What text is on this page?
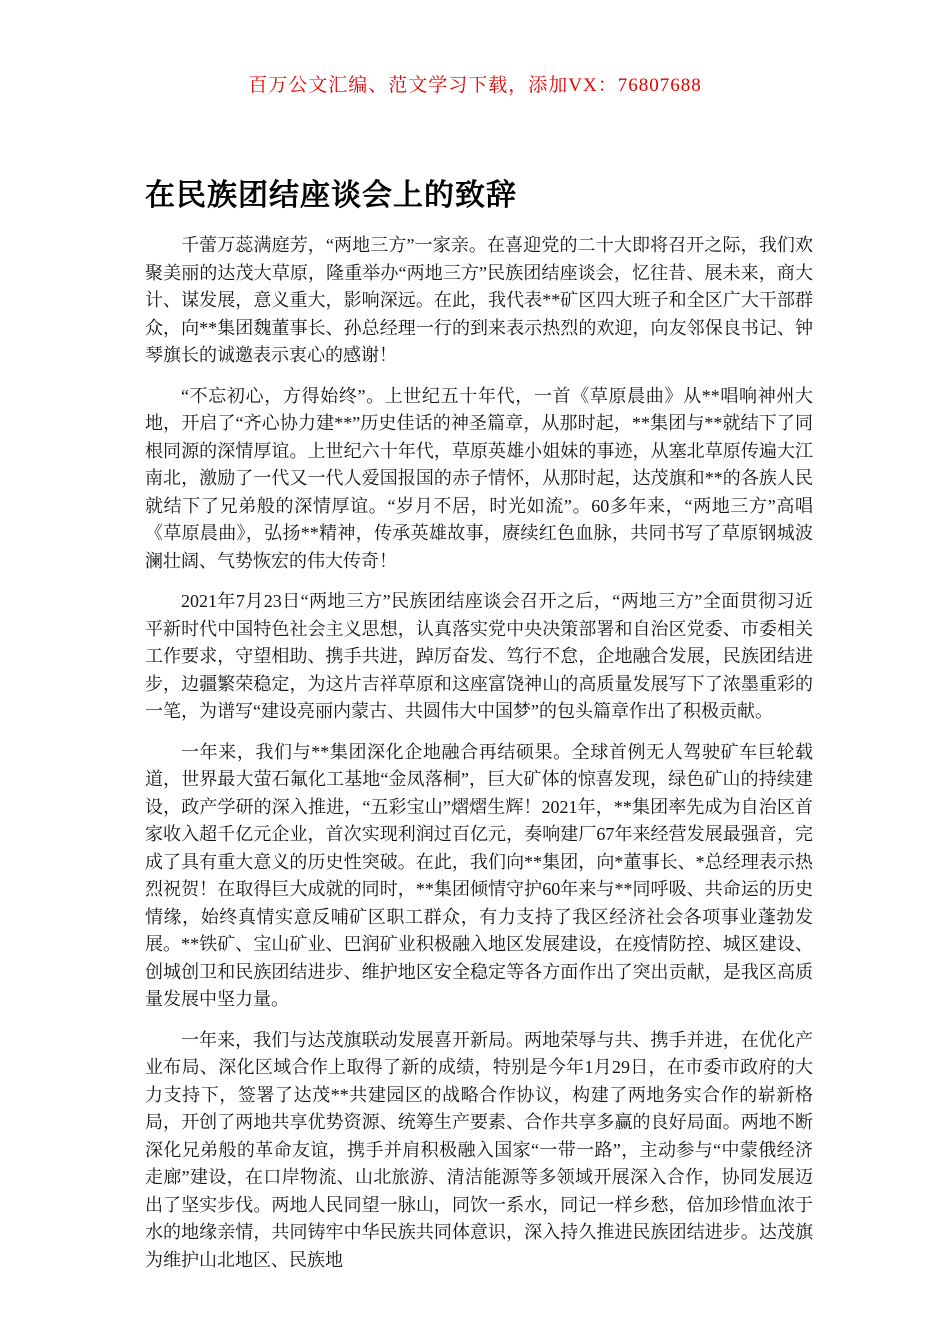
百万公文汇编、范文学习下载，添加VX：76807688
在民族团结座谈会上的致辞

千蕾万蕊满庭芳，“两地三方”一家亲。在喜迎党的二十大即将召开之际，我们欢聚美丽的达茂大草原，隆重举办“两地三方”民族团结座谈会，忆往昔、展未来，商大计、谋发展，意义重大，影响深远。在此，我代表**矿区四大班子和全区广大干部群众，向**集团魏董事长、孙总经理一行的到来表示热烈的欢迎，向友邻保良书记、钟琴旗长的诚邀表示衷心的感谢！

“不忘初心，方得始终”。上世纪五十年代，一首《草原晨曲》从**唱响神州大地，开启了“齐心协力建**”历史佳话的神圣篇章，从那时起，**集团与**就结下了同根同源的深情厚谊。上世纪六十年代，草原英雄小姐妹的事迹，从塞北草原传遍大江南北，激励了一代又一代人爱国报国的赤子情怀，从那时起，达茂旗和**的各族人民就结下了兄弟般的深情厚谊。“岁月不居，时光如流”。60多年来，“两地三方”高唱《草原晨曲》，弘扬**精神，传承英雄故事，赓续红色血脉，共同书写了草原钢城波澜壮阔、气势恢宏的伟大传奇！

2021年7月23日“两地三方”民族团结座谈会召开之后，“两地三方”全面贯彻习近平新时代中国特色社会主义思想，认真落实党中央决策部署和自治区党委、市委相关工作要求，守望相助、携手共进，踔厉奋发、笃行不怠，企地融合发展，民族团结进步，边疆繁荣稳定，为这片吉祥草原和这座富饶神山的高质量发展写下了浓墨重彩的一笔，为谱写“建设亮丽内蒙古、共圆伟大中国梦”的包头篇章作出了积极贡献。

一年来，我们与**集团深化企地融合再结硕果。全球首例无人驾驶矿车巨轮载道，世界最大萤石氟化工基地“金凤落桐”，巨大矿体的惊喜发现，绿色矿山的持续建设，政产学研的深入推进，“五彩宝山”熠熠生辉！2021年，**集团率先成为自治区首家收入超千亿元企业，首次实现利润过百亿元，奏响建厂67年来经营发展最强音，完成了具有重大意义的历史性突破。在此，我们向**集团，向*董事长、*总经理表示热烈祝贺！在取得巨大成就的同时，**集团倾情守护60年来与**同呼吸、共命运的历史情缘，始终真情实意反哺矿区职工群众，有力支持了我区经济社会各项事业蓬勃发展。**铁矿、宝山矿业、巴润矿业积极融入地区发展建设，在疫情防控、城区建设、创城创卫和民族团结进步、维护地区安全稳定等各方面作出了突出贡献，是我区高质量发展中坚力量。

一年来，我们与达茂旗联动发展喜开新局。两地荣辱与共、携手并进，在优化产业布局、深化区域合作上取得了新的成绩，特别是今年1月29日，在市委市政府的大力支持下，签署了达茂**共建园区的战略合作协议，构建了两地务实合作的崭新格局，开创了两地共享优势资源、统筹生产要素、合作共享多赢的良好局面。两地不断深化兄弟般的革命友谊，携手并肩积极融入国家“一带一路”，主动参与“中蒙俄经济走廊”建设，在口岸物流、山北旅游、清洁能源等多领域开展深入合作，协同发展迈出了坚实步伐。两地人民同望一脉山，同饮一系水，同记一样乡愁，倍加珍惜血浓于水的地缘亲情，共同铸牢中华民族共同体意识，深入持久推进民族团结进步。达茂旗为维护山北地区、民族地
